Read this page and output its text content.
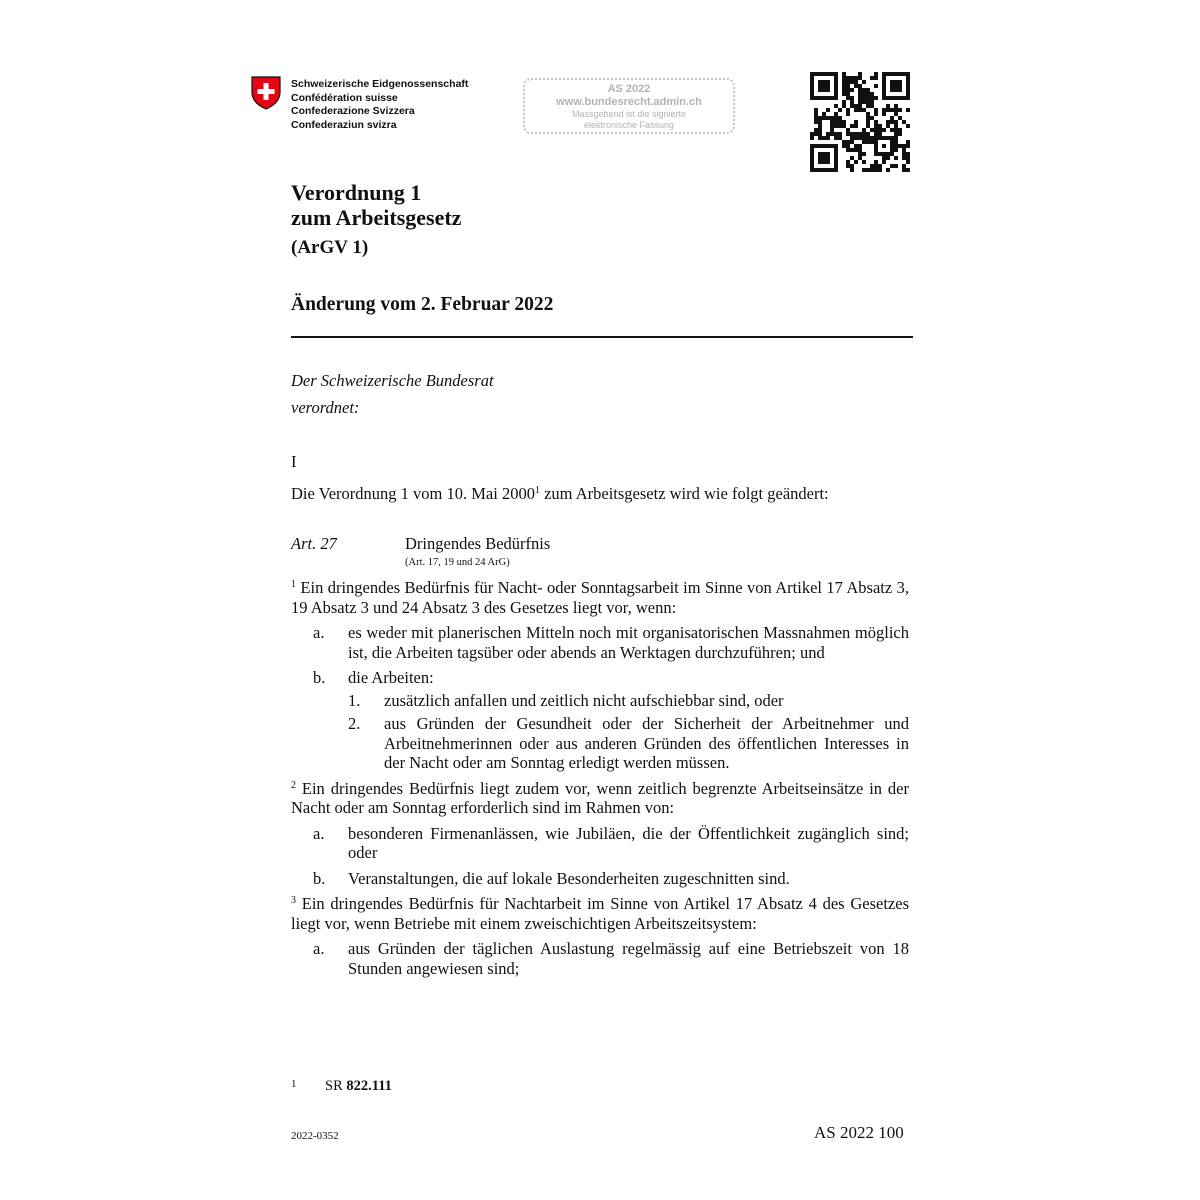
Schweizerische Eidgenossenschaft
Confédération suisse
Confederazione Svizzera
Confederaziun svizra
AS 2022
www.bundesrecht.admin.ch
Massgebend ist die signierte
elektronische Fassung
Verordnung 1
zum Arbeitsgesetz
(ArGV 1)
Änderung vom 2. Februar 2022
Der Schweizerische Bundesrat
verordnet:
I
Die Verordnung 1 vom 10. Mai 2000$^1$ zum Arbeitsgesetz wird wie folgt geändert:
Art. 27	Dringendes Bedürfnis
(Art. 17, 19 und 24 ArG)

$^1$ Ein dringendes Bedürfnis für Nacht- oder Sonntagsarbeit im Sinne von Artikel 17 Absatz 3, 19 Absatz 3 und 24 Absatz 3 des Gesetzes liegt vor, wenn:

a.	es weder mit planerischen Mitteln noch mit organisatorischen Massnahmen möglich ist, die Arbeiten tagsüber oder abends an Werktagen durchzuführen; und
b.	die Arbeiten:
1.	zusätzlich anfallen und zeitlich nicht aufschiebbar sind, oder
2.	aus Gründen der Gesundheit oder der Sicherheit der Arbeitnehmer und Arbeitnehmerinnen oder aus anderen Gründen des öffentlichen Interesses in der Nacht oder am Sonntag erledigt werden müssen.

$^2$ Ein dringendes Bedürfnis liegt zudem vor, wenn zeitlich begrenzte Arbeitseinsätze in der Nacht oder am Sonntag erforderlich sind im Rahmen von:

a.	besonderen Firmenanlässen, wie Jubiläen, die der Öffentlichkeit zugänglich sind; oder
b.	Veranstaltungen, die auf lokale Besonderheiten zugeschnitten sind.

$^3$ Ein dringendes Bedürfnis für Nachtarbeit im Sinne von Artikel 17 Absatz 4 des Gesetzes liegt vor, wenn Betriebe mit einem zweischichtigen Arbeitszeitsystem:

a.	aus Gründen der täglichen Auslastung regelmässig auf eine Betriebszeit von 18 Stunden angewiesen sind;
1 SR 822.111
2022-0352	AS 2022 100
